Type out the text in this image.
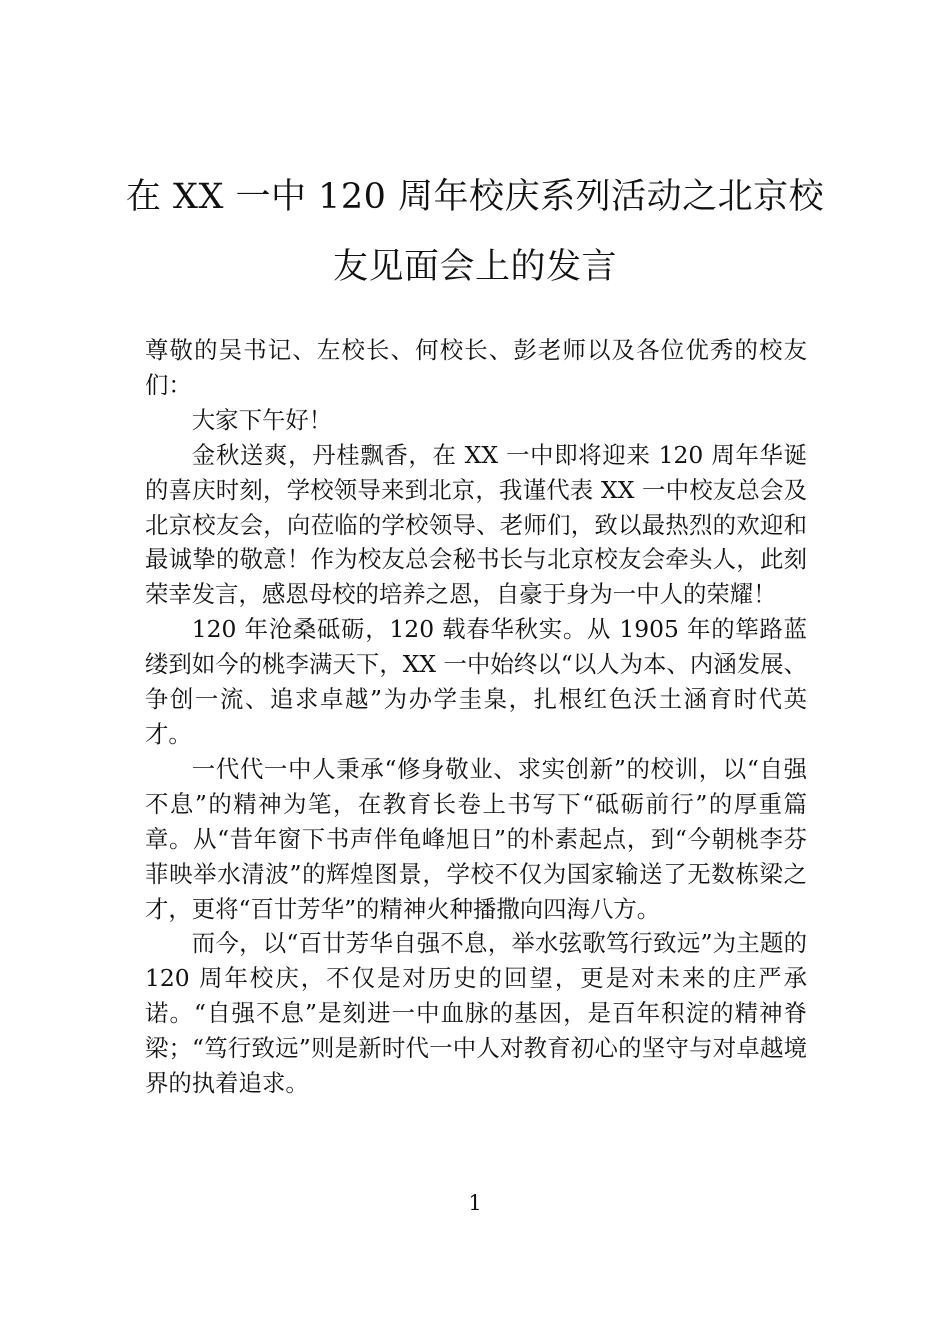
在 XX 一中 120 周年校庆系列活动之北京校
友见面会上的发言

尊敬的吴书记、左校长、何校长、彭老师以及各位优秀的校友们：

大家下午好！

金秋送爽，丹桂飘香，在 XX 一中即将迎来 120 周年华诞的喜庆时刻，学校领导来到北京，我谨代表 XX 一中校友总会及北京校友会，向莅临的学校领导、老师们，致以最热烈的欢迎和最诚挚的敬意！作为校友总会秘书长与北京校友会牵头人，此刻荣幸发言，感恩母校的培养之恩，自豪于身为一中人的荣耀！

120 年沧桑砥砺，120 载春华秋实。从 1905 年的筚路蓝缕到如今的桃李满天下，XX 一中始终以“以人为本、内涵发展、争创一流、追求卓越”为办学圭臬，扎根红色沃土涵育时代英才。

一代代一中人秉承“修身敬业、求实创新”的校训，以“自强不息”的精神为笔，在教育长卷上书写下“砥砺前行”的厚重篇章。从“昔年窗下书声伴龟峰旭日”的朴素起点，到“今朝桃李芬菲映举水清波”的辉煌图景，学校不仅为国家输送了无数栋梁之才，更将“百廿芳华”的精神火种播撒向四海八方。

而今，以“百廿芳华自强不息，举水弦歌笃行致远”为主题的 120 周年校庆，不仅是对历史的回望，更是对未来的庄严承诺。“自强不息”是刻进一中血脉的基因，是百年积淀的精神脊梁；“笃行致远”则是新时代一中人对教育初心的坚守与对卓越境界的执着追求。

1
